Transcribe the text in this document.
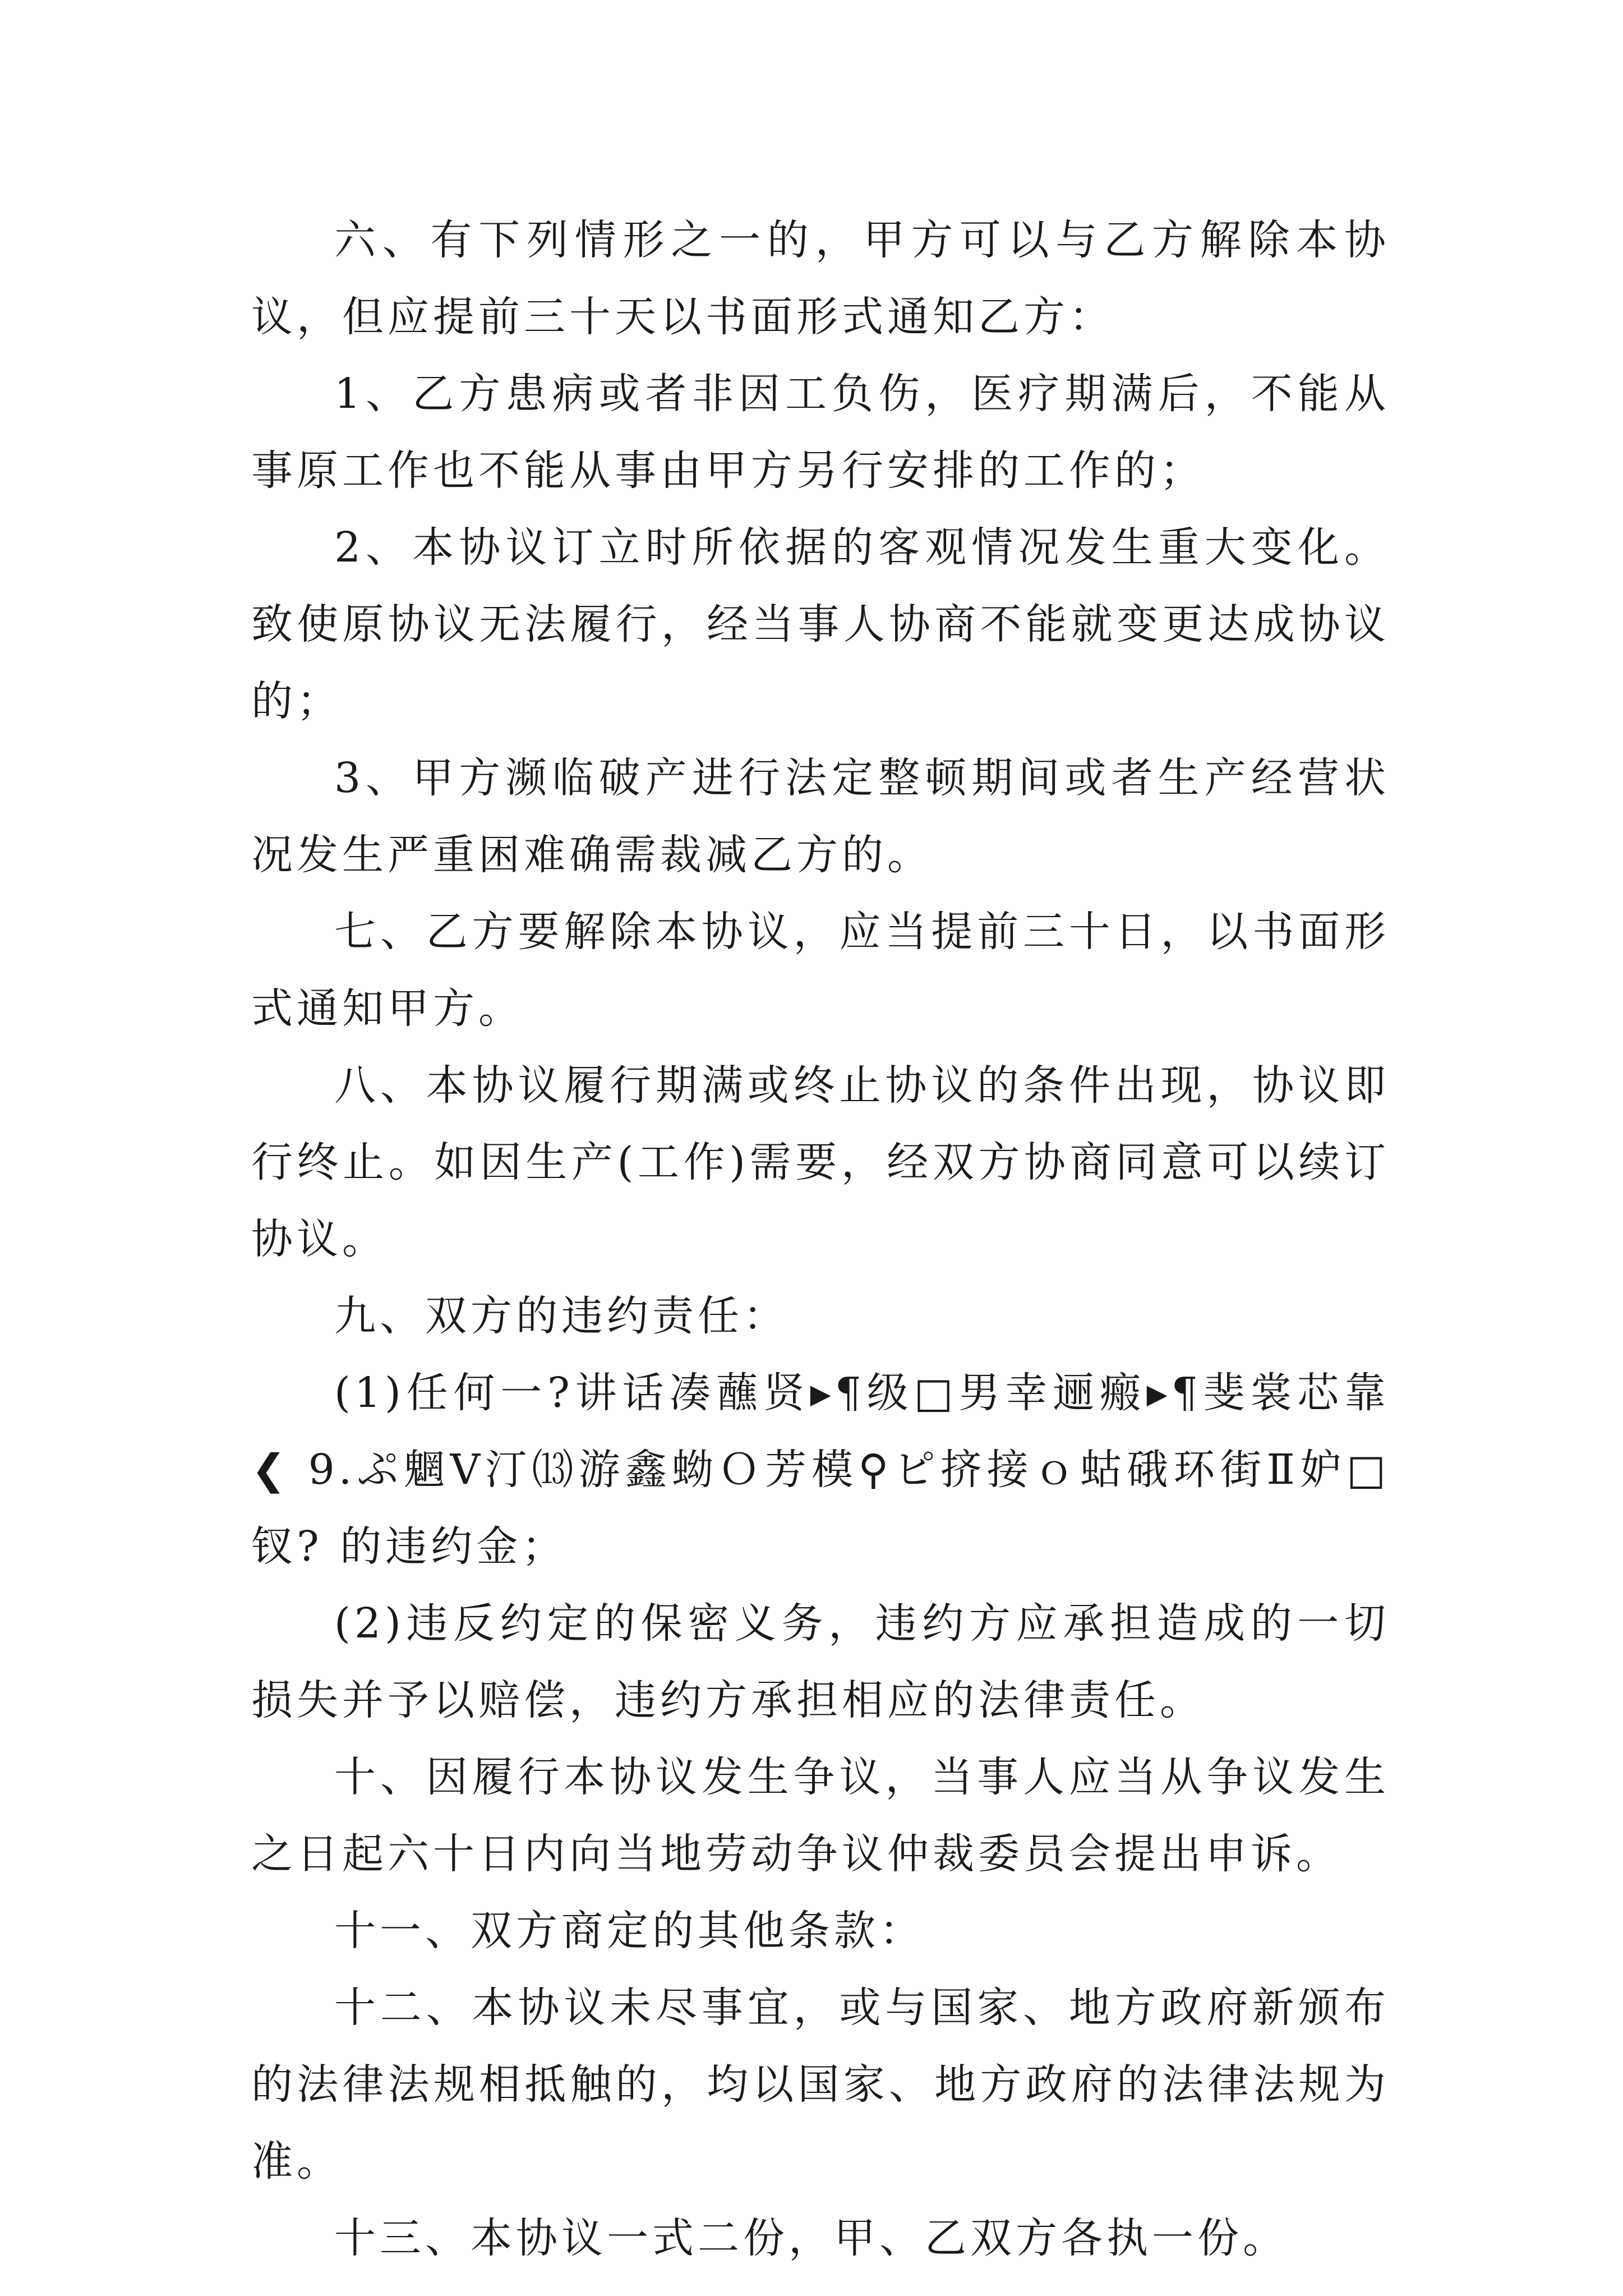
六、有下列情形之一的，甲方可以与乙方解除本协议，但应提前三十天以书面形式通知乙方：

1、乙方患病或者非因工负伤，医疗期满后，不能从事原工作也不能从事由甲方另行安排的工作的；

2、本协议订立时所依据的客观情况发生重大变化。致使原协议无法履行，经当事人协商不能就变更达成协议的；

3、甲方濒临破产进行法定整顿期间或者生产经营状况发生严重困难确需裁减乙方的。

七、乙方要解除本协议，应当提前三十日，以书面形式通知甲方。

八、本协议履行期满或终止协议的条件出现，协议即行终止。如因生产(工作)需要，经双方协商同意可以续订协议。

九、双方的违约责任：

(1)任何一?讲话凑蘸贤▸¶级□男幸逦瘢▸¶斐裳芯靠❮ 9.ぷ魍Ⅴ汀⒀游鑫蚴Ｏ芳模⚲ピ挤接ｏ蛄硪环街Ⅱ妒□钗? 的违约金；

(2)违反约定的保密义务，违约方应承担造成的一切损失并予以赔偿，违约方承担相应的法律责任。

十、因履行本协议发生争议，当事人应当从争议发生之日起六十日内向当地劳动争议仲裁委员会提出申诉。

十一、双方商定的其他条款：

十二、本协议未尽事宜，或与国家、地方政府新颁布的法律法规相抵触的，均以国家、地方政府的法律法规为准。

十三、本协议一式二份，甲、乙双方各执一份。
